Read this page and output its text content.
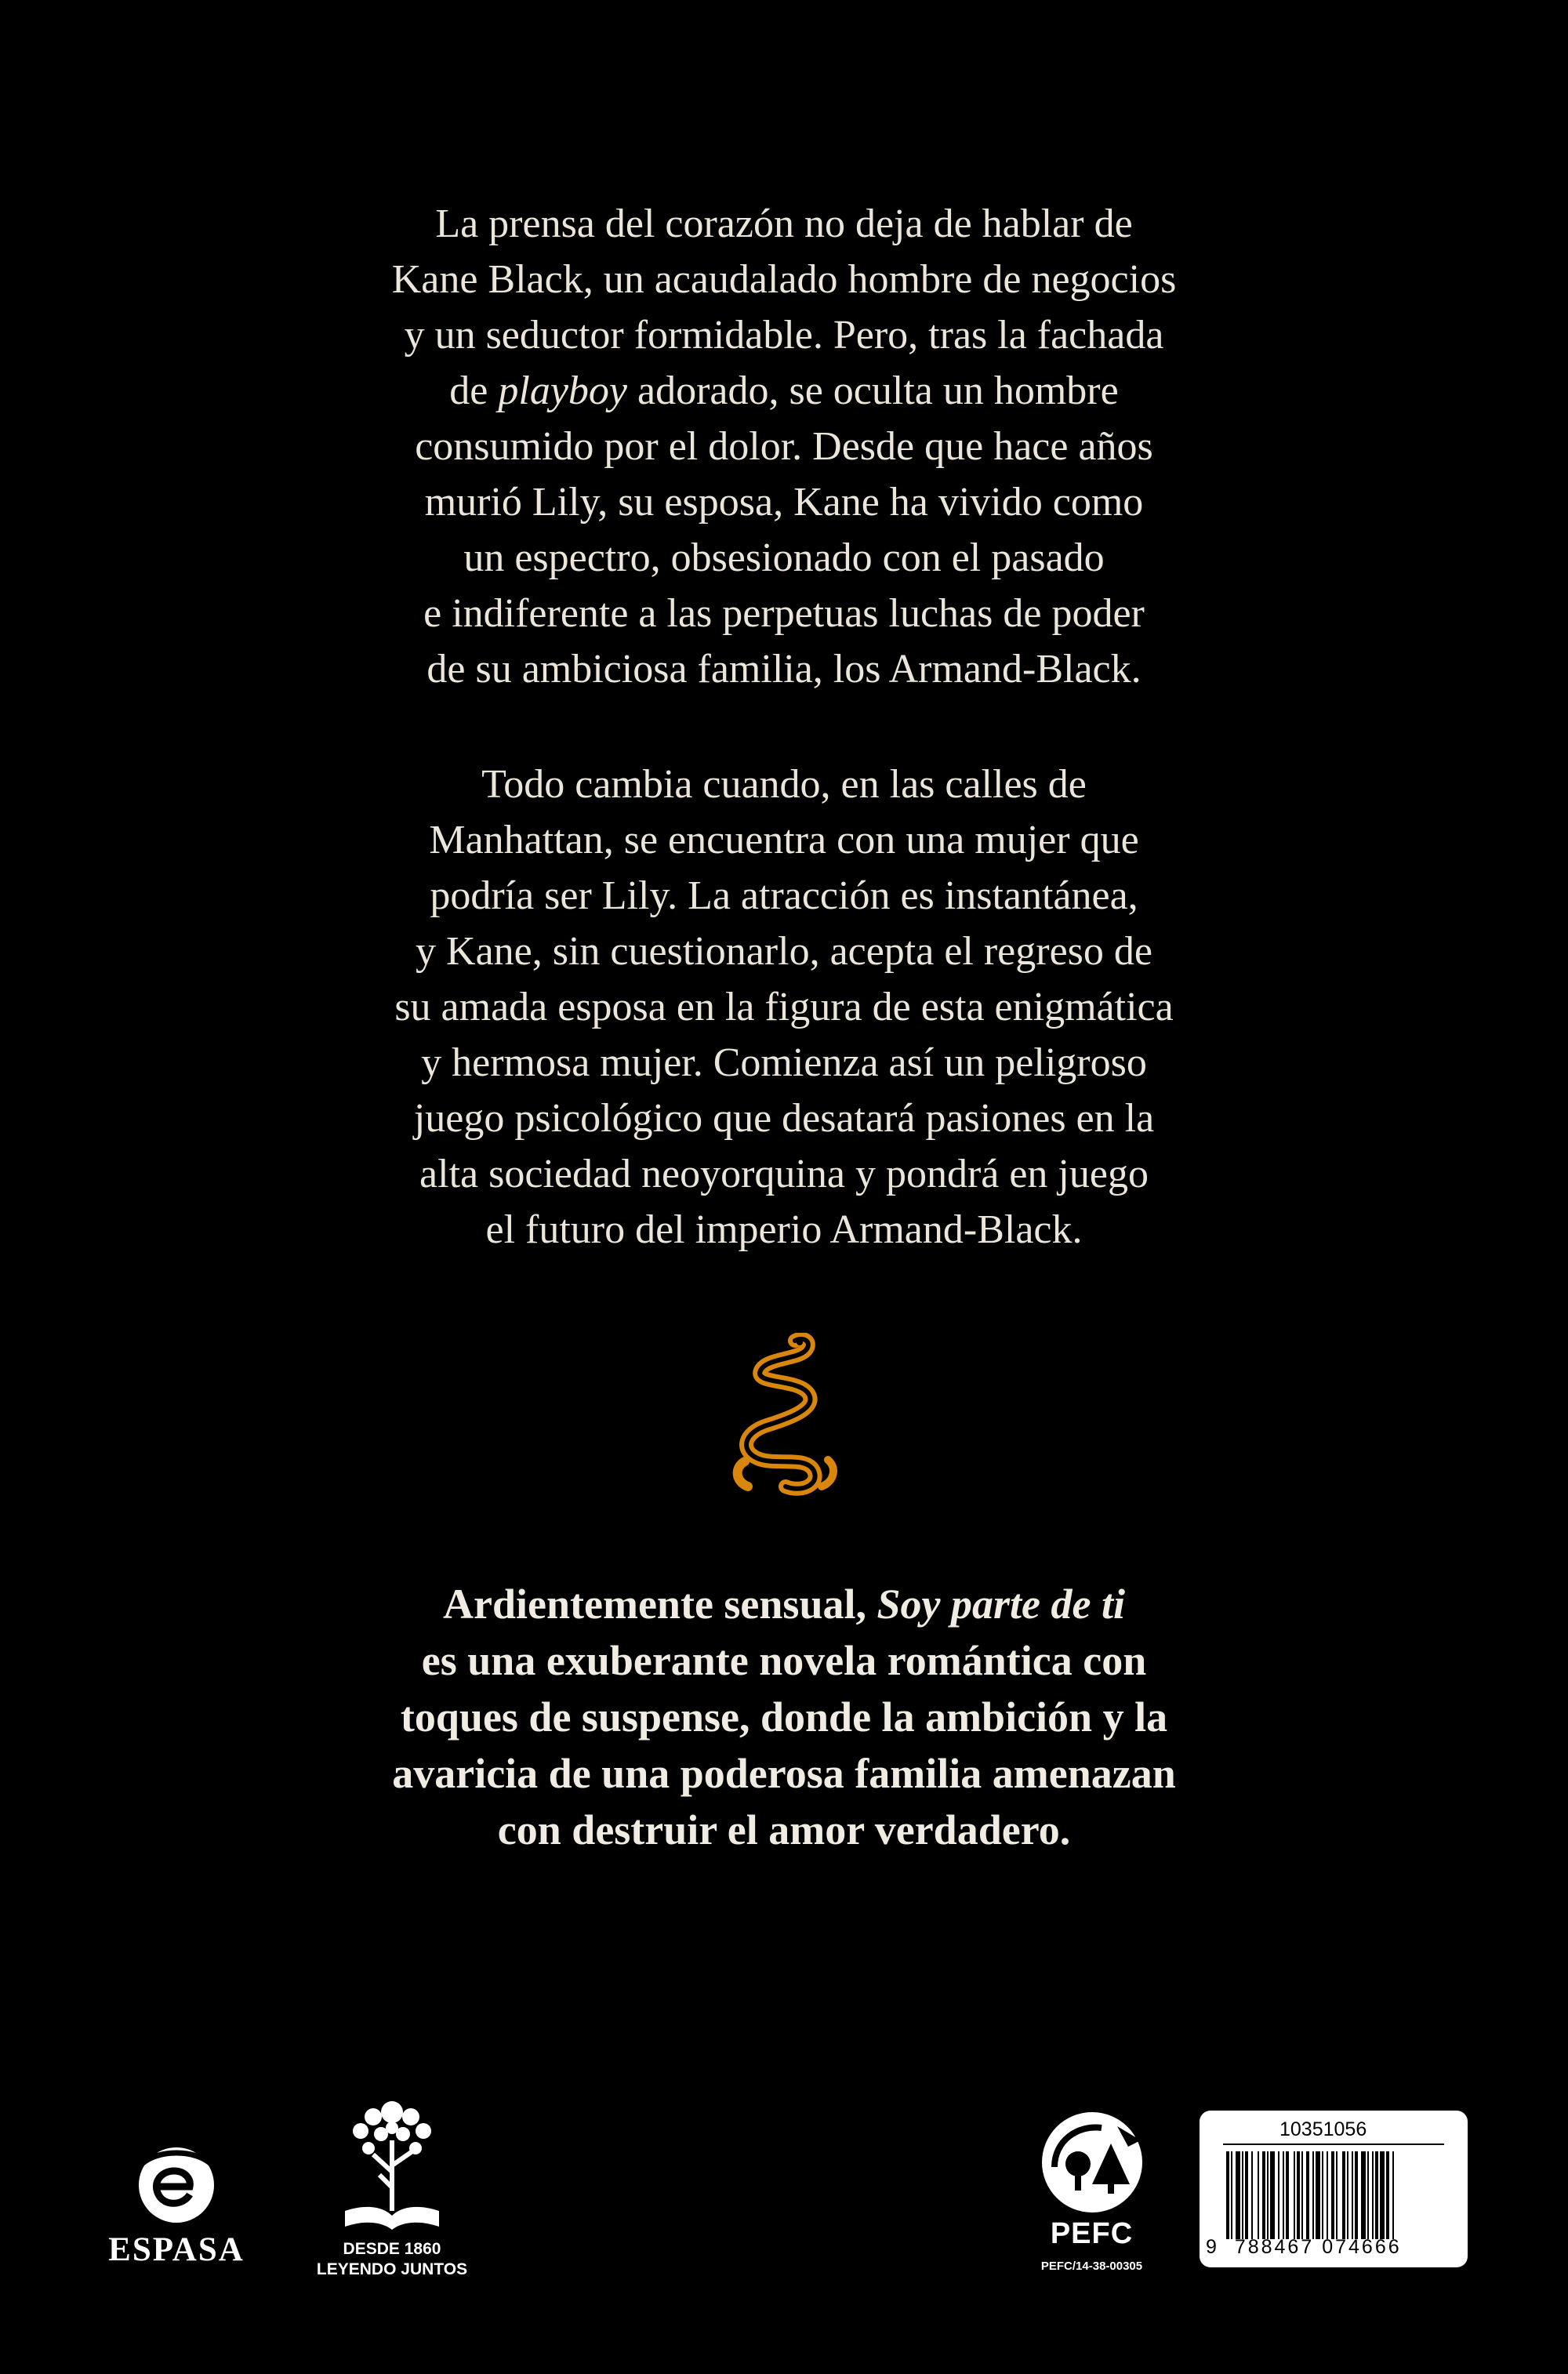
La prensa del corazón no deja de hablar de
Kane Black, un acaudalado hombre de negocios
y un seductor formidable. Pero, tras la fachada
de playboy adorado, se oculta un hombre
consumido por el dolor. Desde que hace años
murió Lily, su esposa, Kane ha vivido como
un espectro, obsesionado con el pasado
e indiferente a las perpetuas luchas de poder
de su ambiciosa familia, los Armand-Black.
Todo cambia cuando, en las calles de
Manhattan, se encuentra con una mujer que
podría ser Lily. La atracción es instantánea,
y Kane, sin cuestionarlo, acepta el regreso de
su amada esposa en la figura de esta enigmática
y hermosa mujer. Comienza así un peligroso
juego psicológico que desatará pasiones en la
alta sociedad neoyorquina y pondrá en juego
el futuro del imperio Armand-Black.
Ardientemente sensual, Soy parte de ti
es una exuberante novela romántica con
toques de suspense, donde la ambición y la
avaricia de una poderosa familia amenazan
con destruir el amor verdadero.
ESPASA	DESDE 1860
LEYENDO JUNTOS
PEFC
PEFC/14-38-00305
10351056
9 788467 074666
